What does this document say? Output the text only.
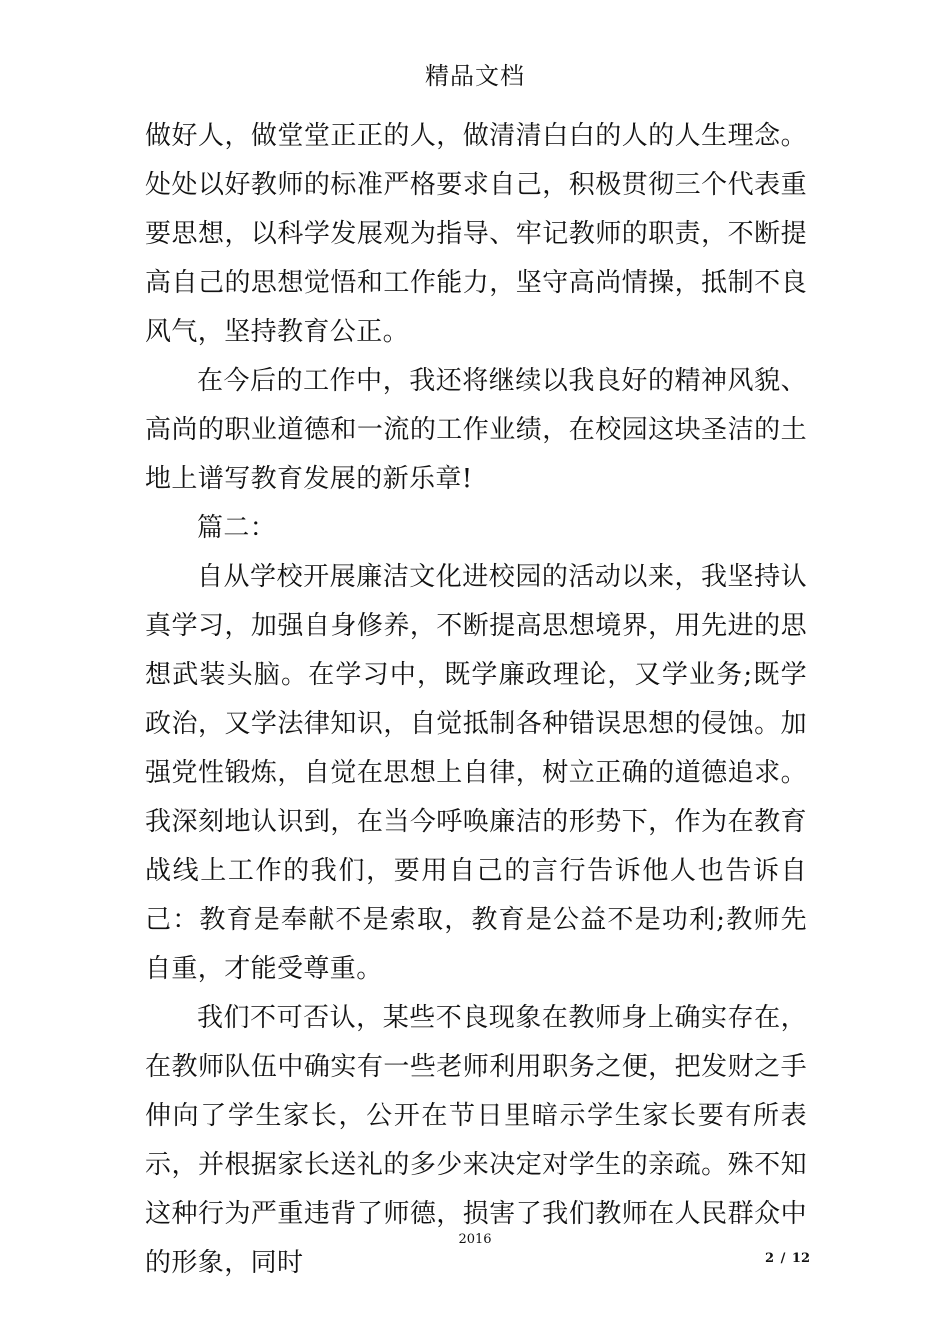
精品文档

做好人，做堂堂正正的人，做清清白白的人的人生理念。处处以好教师的标准严格要求自己，积极贯彻三个代表重要思想，以科学发展观为指导、牢记教师的职责，不断提高自己的思想觉悟和工作能力，坚守高尚情操，抵制不良风气，坚持教育公正。

在今后的工作中，我还将继续以我良好的精神风貌、高尚的职业道德和一流的工作业绩，在校园这块圣洁的土地上谱写教育发展的新乐章!

篇二：

自从学校开展廉洁文化进校园的活动以来，我坚持认真学习，加强自身修养，不断提高思想境界，用先进的思想武装头脑。在学习中，既学廉政理论，又学业务;既学政治，又学法律知识，自觉抵制各种错误思想的侵蚀。加强党性锻炼，自觉在思想上自律，树立正确的道德追求。我深刻地认识到，在当今呼唤廉洁的形势下，作为在教育战线上工作的我们，要用自己的言行告诉他人也告诉自己：教育是奉献不是索取，教育是公益不是功利;教师先自重，才能受尊重。

我们不可否认，某些不良现象在教师身上确实存在，在教师队伍中确实有一些老师利用职务之便，把发财之手伸向了学生家长，公开在节日里暗示学生家长要有所表示，并根据家长送礼的多少来决定对学生的亲疏。殊不知这种行为严重违背了师德，损害了我们教师在人民群众中的形象，同时

2016
2 / 12
